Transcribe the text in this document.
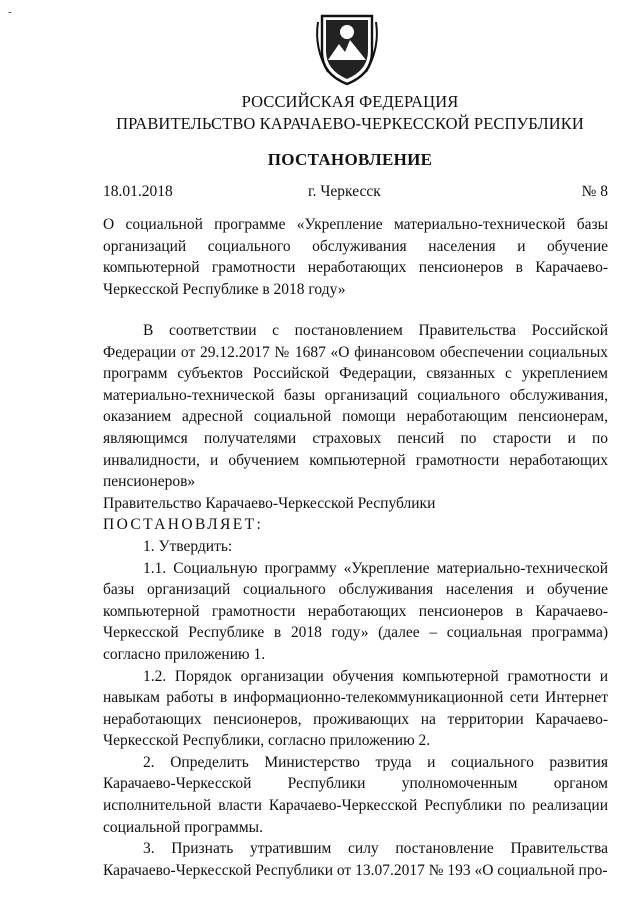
-
РОССИЙСКАЯ ФЕДЕРАЦИЯ
ПРАВИТЕЛЬСТВО КАРАЧАЕВО-ЧЕРКЕССКОЙ РЕСПУБЛИКИ
ПОСТАНОВЛЕНИЕ
18.01.2018	г. Черкесск	№ 8
О социальной программе «Укрепление материально-технической базы организаций социального обслуживания населения и обучение компьютерной грамотности неработающих пенсионеров в Карачаево-Черкесской Республике в 2018 году»

В соответствии с постановлением Правительства Российской Федерации от 29.12.2017 № 1687 «О финансовом обеспечении социальных программ субъектов Российской Федерации, связанных с укреплением материально-технической базы организаций социального обслуживания, оказанием адресной социальной помощи неработающим пенсионерам, являющимся получателями страховых пенсий по старости и по инвалидности, и обучением компьютерной грамотности неработающих пенсионеров»

Правительство Карачаево-Черкесской Республики

ПОСТАНОВЛЯЕТ:

1. Утвердить:

1.1. Социальную программу «Укрепление материально-технической базы организаций социального обслуживания населения и обучение компьютерной грамотности неработающих пенсионеров в Карачаево-Черкесской Республике в 2018 году» (далее – социальная программа) согласно приложению 1.

1.2. Порядок организации обучения компьютерной грамотности и навыкам работы в информационно-телекоммуникационной сети Интернет неработающих пенсионеров, проживающих на территории Карачаево-Черкесской Республики, согласно приложению 2.

2. Определить Министерство труда и социального развития Карачаево-Черкесской Республики уполномоченным органом исполнительной власти Карачаево-Черкесской Республики по реализации социальной программы.

3. Признать утратившим силу постановление Правительства Карачаево-Черкесской Республики от 13.07.2017 № 193 «О социальной про-
